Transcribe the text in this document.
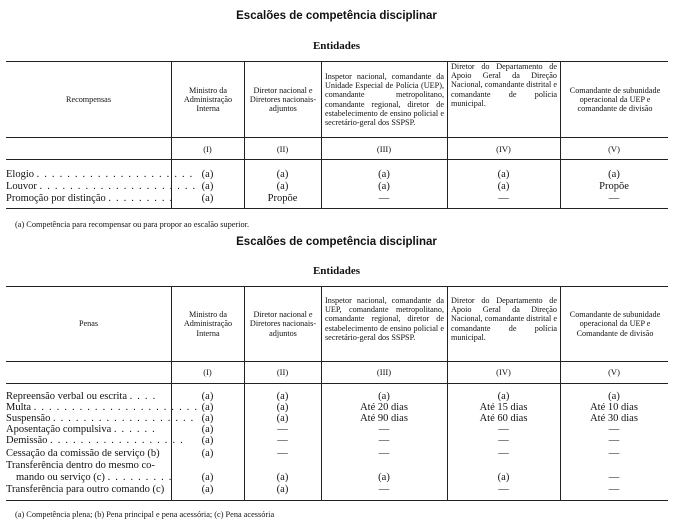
Escalões de competência disciplinar
Entidades
Recompensas
Ministro da Administração Interna
Diretor nacional e Diretores nacionais-adjuntos
Inspetor nacional, comandante da Unidade Especial de Polícia (UEP), comandante metropolitano, comandante regional, diretor de estabelecimento de ensino policial e secretário-geral dos SSPSP.
Diretor do Departamento de Apoio Geral da Direção Nacional, comandante distrital e comandante de polícia municipal.
Comandante de subunidade operacional da UEP e comandante de divisão
(I)	(II)	(III)	(IV)	(V)
Elogio . . . . . . . . . . . . . . . . . . . . . (a)	(a)	(a)	(a)	(a)
Louvor . . . . . . . . . . . . . . . . . . . . . (a)	(a)	(a)	(a)	Propõe
Promoção por distinção . . . . . . . . .	(a)	Propõe	—	—	—
(a) Competência para recompensar ou para propor ao escalão superior.
Escalões de competência disciplinar
Entidades
Penas
Ministro da Administração Interna
Diretor nacional e Diretores nacionais-adjuntos
Inspetor nacional, comandante da UEP, comandante metropolitano, comandante regional, diretor de estabelecimento de ensino policial e secretário-geral dos SSPSP.
Diretor do Departamento de Apoio Geral da Direção Nacional, comandante distrital e comandante de polícia municipal.
Comandante de subunidade operacional da UEP e Comandante de divisão
(I)	(II)	(III)	(IV)	(V)
Repreensão verbal ou escrita . . . .	(a)	(a)	(a)	(a)	(a)
Multa . . . . . . . . . . . . . . . . . . . . . . (a)	(a)	Até 20 dias	Até 15 dias	Até 10 dias
Suspensão . . . . . . . . . . . . . . . . . . . (a)	(a)	Até 90 dias	Até 60 dias	Até 30 dias
Aposentação compulsiva . . . . . .	(a)	—	—	—	—
Demissão . . . . . . . . . . . . . . . . . .	(a)	—	—	—	—
Cessação da comissão de serviço (b)	(a)	—	—	—	—
Transferência dentro do mesmo co-
mando ou serviço (c) . . . . . . . . .	(a)	(a)	(a)	(a)	—
Transferência para outro comando (c)	(a)	(a)	—	—	—
(a) Competência plena; (b) Pena principal e pena acessória; (c) Pena acessória
